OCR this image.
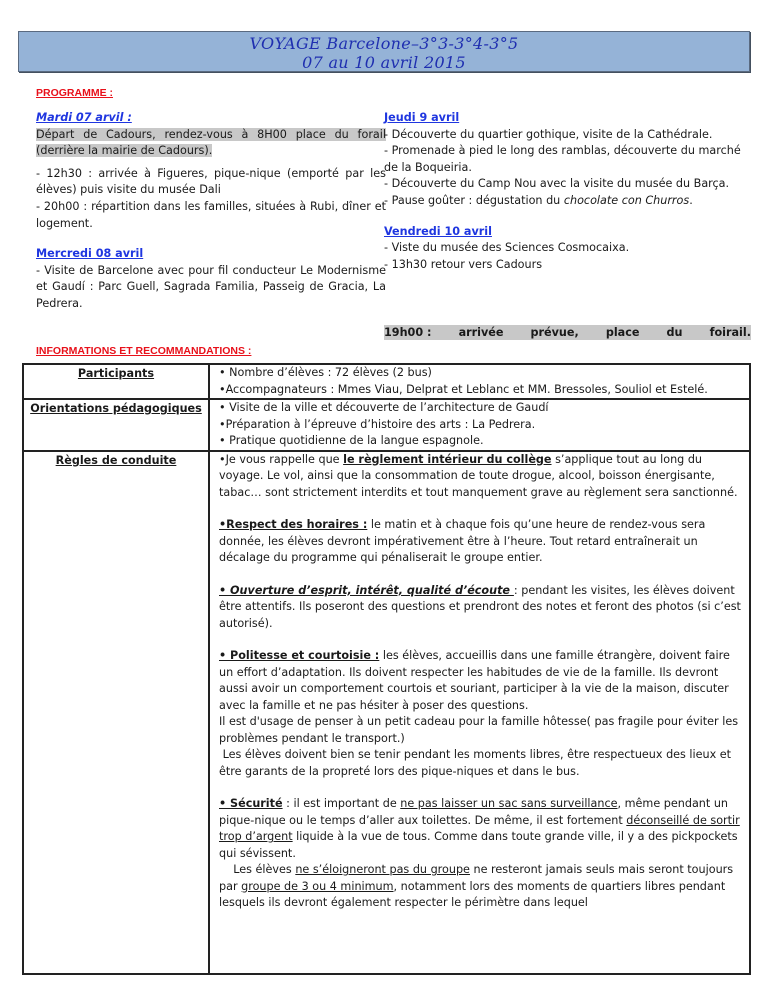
VOYAGE Barcelone–3°3-3°4-3°5
07 au 10 avril 2015
PROGRAMME :
Mardi 07 arvil :
Départ de Cadours, rendez-vous à 8H00 place du forail (derrière la mairie de Cadours).
- 12h30 : arrivée à Figueres, pique-nique (emporté par les élèves) puis visite du musée Dali
- 20h00 : répartition dans les familles, situées à Rubi, dîner et logement.
Mercredi 08 avril
- Visite de Barcelone avec pour fil conducteur Le Modernisme et Gaudí : Parc Guell, Sagrada Familia, Passeig de Gracia, La Pedrera.
Jeudi 9 avril
- Découverte du quartier gothique, visite de la Cathédrale.
- Promenade à pied le long des ramblas, découverte du marché de la Boqueiria.
- Découverte du Camp Nou avec la visite du musée du Barça.
- Pause goûter : dégustation du chocolate con Churros.
Vendredi 10 avril
- Viste du musée des Sciences Cosmocaixa.
- 13h30 retour vers Cadours
19h00 : arrivée prévue, place du foirail.
INFORMATIONS ET RECOMMANDATIONS :
Participants	• Nombre d’élèves : 72 élèves (2 bus)
•Accompagnateurs : Mmes Viau, Delprat et Leblanc et MM. Bressoles, Souliol et Estelé.

Orientations pédagogiques	• Visite de la ville et découverte de l’architecture de Gaudí
•Préparation à l’épreuve d’histoire des arts : La Pedrera.
• Pratique quotidienne de la langue espagnole.

Règles de conduite	•Je vous rappelle que le règlement intérieur du collège s’applique tout au long du voyage. Le vol, ainsi que la consommation de toute drogue, alcool, boisson énergisante, tabac… sont strictement interdits et tout manquement grave au règlement sera sanctionné.
•Respect des horaires : le matin et à chaque fois qu’une heure de rendez-vous sera donnée, les élèves devront impérativement être à l’heure. Tout retard entraînerait un décalage du programme qui pénaliserait le groupe entier.
• Ouverture d’esprit, intérêt, qualité d’écoute : pendant les visites, les élèves doivent être attentifs. Ils poseront des questions et prendront des notes et feront des photos (si c’est autorisé).
• Politesse et courtoisie : les élèves, accueillis dans une famille étrangère, doivent faire un effort d’adaptation. Ils doivent respecter les habitudes de vie de la famille. Ils devront aussi avoir un comportement courtois et souriant, participer à la vie de la maison, discuter avec la famille et ne pas hésiter à poser des questions.
Il est d'usage de penser à un petit cadeau pour la famille hôtesse( pas fragile pour éviter les problèmes pendant le transport.)
Les élèves doivent bien se tenir pendant les moments libres, être respectueux des lieux et être garants de la propreté lors des pique-niques et dans le bus.
• Sécurité : il est important de ne pas laisser un sac sans surveillance, même pendant un pique-nique ou le temps d’aller aux toilettes. De même, il est fortement déconseillé de sortir trop d’argent liquide à la vue de tous. Comme dans toute grande ville, il y a des pickpockets qui sévissent.
Les élèves ne s’éloigneront pas du groupe ne resteront jamais seuls mais seront toujours par groupe de 3 ou 4 minimum, notamment lors des moments de quartiers libres pendant lesquels ils devront également respecter le périmètre dans lequel
